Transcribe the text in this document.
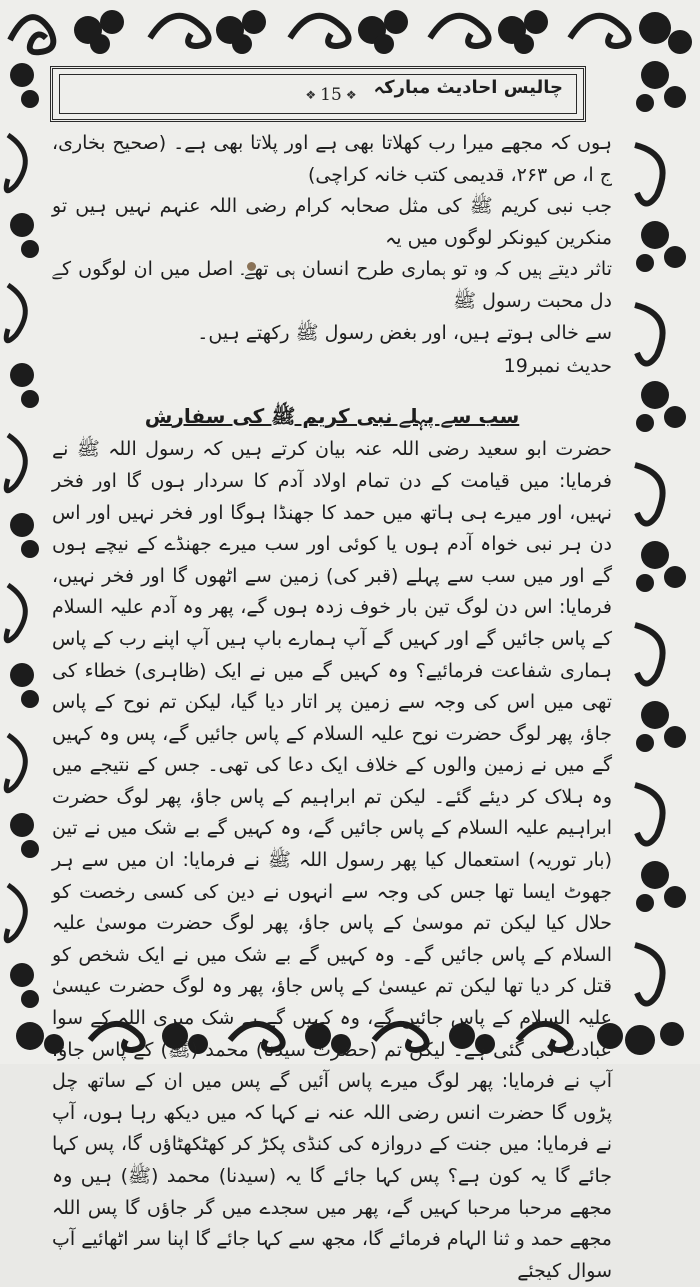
❖ 15
❖ چالیس احادیث مبارکہ

ہوں کہ مجھے میرا رب کھلاتا بھی ہے اور پلاتا بھی ہے۔ (صحیح بخاری، ج ا، ص ۲۶۳، قدیمی کتب خانہ کراچی)

جب نبی کریم ﷺ کی مثل صحابہ کرام رضی اللہ عنہم نہیں ہیں تو منکرین کیونکر لوگوں میں یہ

تاثر دیتے ہیں کہ وہ تو ہماری طرح انسان ہی تھے۔ اصل میں ان لوگوں کے دل محبت رسول ﷺ

سے خالی ہوتے ہیں، اور بغض رسول ﷺ رکھتے ہیں۔

حدیث نمبر19

سب سے پہلے نبی کریم ﷺ کی سفارش

حضرت ابو سعید رضی اللہ عنہ بیان کرتے ہیں کہ رسول اللہ ﷺ نے فرمایا: میں قیامت کے دن تمام اولاد آدم کا سردار ہوں گا اور فخر نہیں، اور میرے ہی ہاتھ میں حمد کا جھنڈا ہوگا اور فخر نہیں اور اس دن ہر نبی خواہ آدم ہوں یا کوئی اور سب میرے جھنڈے کے نیچے ہوں گے اور میں سب سے پہلے (قبر کی) زمین سے اٹھوں گا اور فخر نہیں، فرمایا: اس دن لوگ تین بار خوف زدہ ہوں گے، پھر وہ آدم علیہ السلام کے پاس جائیں گے اور کہیں گے آپ ہمارے باپ ہیں آپ اپنے رب کے پاس ہماری شفاعت فرمائیے؟ وہ کہیں گے میں نے ایک (ظاہری) خطاء کی تھی میں اس کی وجہ سے زمین پر اتار دیا گیا، لیکن تم نوح کے پاس جاؤ، پھر لوگ حضرت نوح علیہ السلام کے پاس جائیں گے، پس وہ کہیں گے میں نے زمین والوں کے خلاف ایک دعا کی تھی۔ جس کے نتیجے میں وہ ہلاک کر دیئے گئے۔ لیکن تم ابراہیم کے پاس جاؤ، پھر لوگ حضرت ابراہیم علیہ السلام کے پاس جائیں گے، وہ کہیں گے بے شک میں نے تین (بار توریہ) استعمال کیا پھر رسول اللہ ﷺ نے فرمایا: ان میں سے ہر جھوٹ ایسا تھا جس کی وجہ سے انہوں نے دین کی کسی رخصت کو حلال کیا لیکن تم موسیٰ کے پاس جاؤ، پھر لوگ حضرت موسیٰ علیہ السلام کے پاس جائیں گے۔ وہ کہیں گے بے شک میں نے ایک شخص کو قتل کر دیا تھا لیکن تم عیسیٰ کے پاس جاؤ، پھر وہ لوگ حضرت عیسیٰ علیہ السلام کے پاس جائیں گے، وہ کہیں گے بے شک میری اللہ کے سوا عبادت کی گئی ہے۔ لیکن تم (حضرت سیدنا) محمد (ﷺ) کے پاس جاؤ، آپ نے فرمایا: پھر لوگ میرے پاس آئیں گے پس میں ان کے ساتھ چل پڑوں گا حضرت انس رضی اللہ عنہ نے کہا کہ میں دیکھ رہا ہوں، آپ نے فرمایا: میں جنت کے دروازہ کی کنڈی پکڑ کر کھٹکھٹاؤں گا، پس کہا جائے گا یہ کون ہے؟ پس کہا جائے گا یہ (سیدنا) محمد (ﷺ) ہیں وہ مجھے مرحبا مرحبا کہیں گے، پھر میں سجدے میں گر جاؤں گا پس اللہ مجھے حمد و ثنا الہام فرمائے گا، مجھ سے کہا جائے گا اپنا سر اٹھائیے آپ سوال کیجئے
